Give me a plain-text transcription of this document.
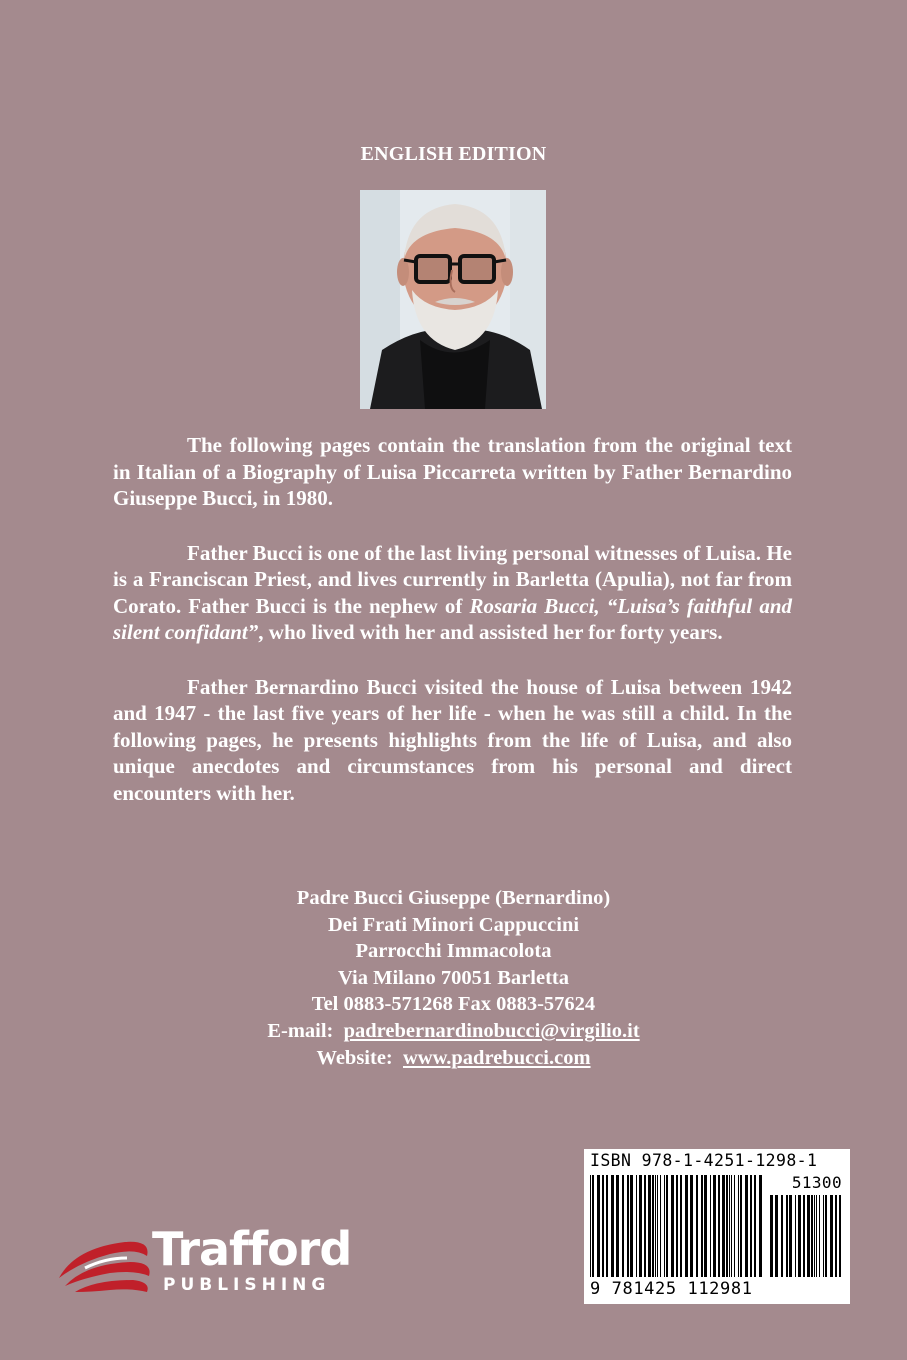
ENGLISH EDITION

The following pages contain the translation from the original text in Italian of a Biography of Luisa Piccarreta written by Father Bernardino Giuseppe Bucci, in 1980.

Father Bucci is one of the last living personal witnesses of Luisa. He is a Franciscan Priest, and lives currently in Barletta (Apulia), not far from Corato. Father Bucci is the nephew of Rosaria Bucci, “Luisa’s faithful and silent confidant”, who lived with her and assisted her for forty years.

Father Bernardino Bucci visited the house of Luisa between 1942 and 1947 - the last five years of her life - when he was still a child. In the following pages, he presents highlights from the life of Luisa, and also unique anecdotes and circumstances from his personal and direct encounters with her.

Padre Bucci Giuseppe (Bernardino)
Dei Frati Minori Cappuccini
Parrocchi Immacolota
Via Milano 70051 Barletta
Tel 0883-571268 Fax 0883-57624
E-mail: padrebernardinobucci@virgilio.it
Website: www.padrebucci.com
ISBN 978-1-4251-1298-1
51300
9 781425 112981
Trafford
PUBLISHING
